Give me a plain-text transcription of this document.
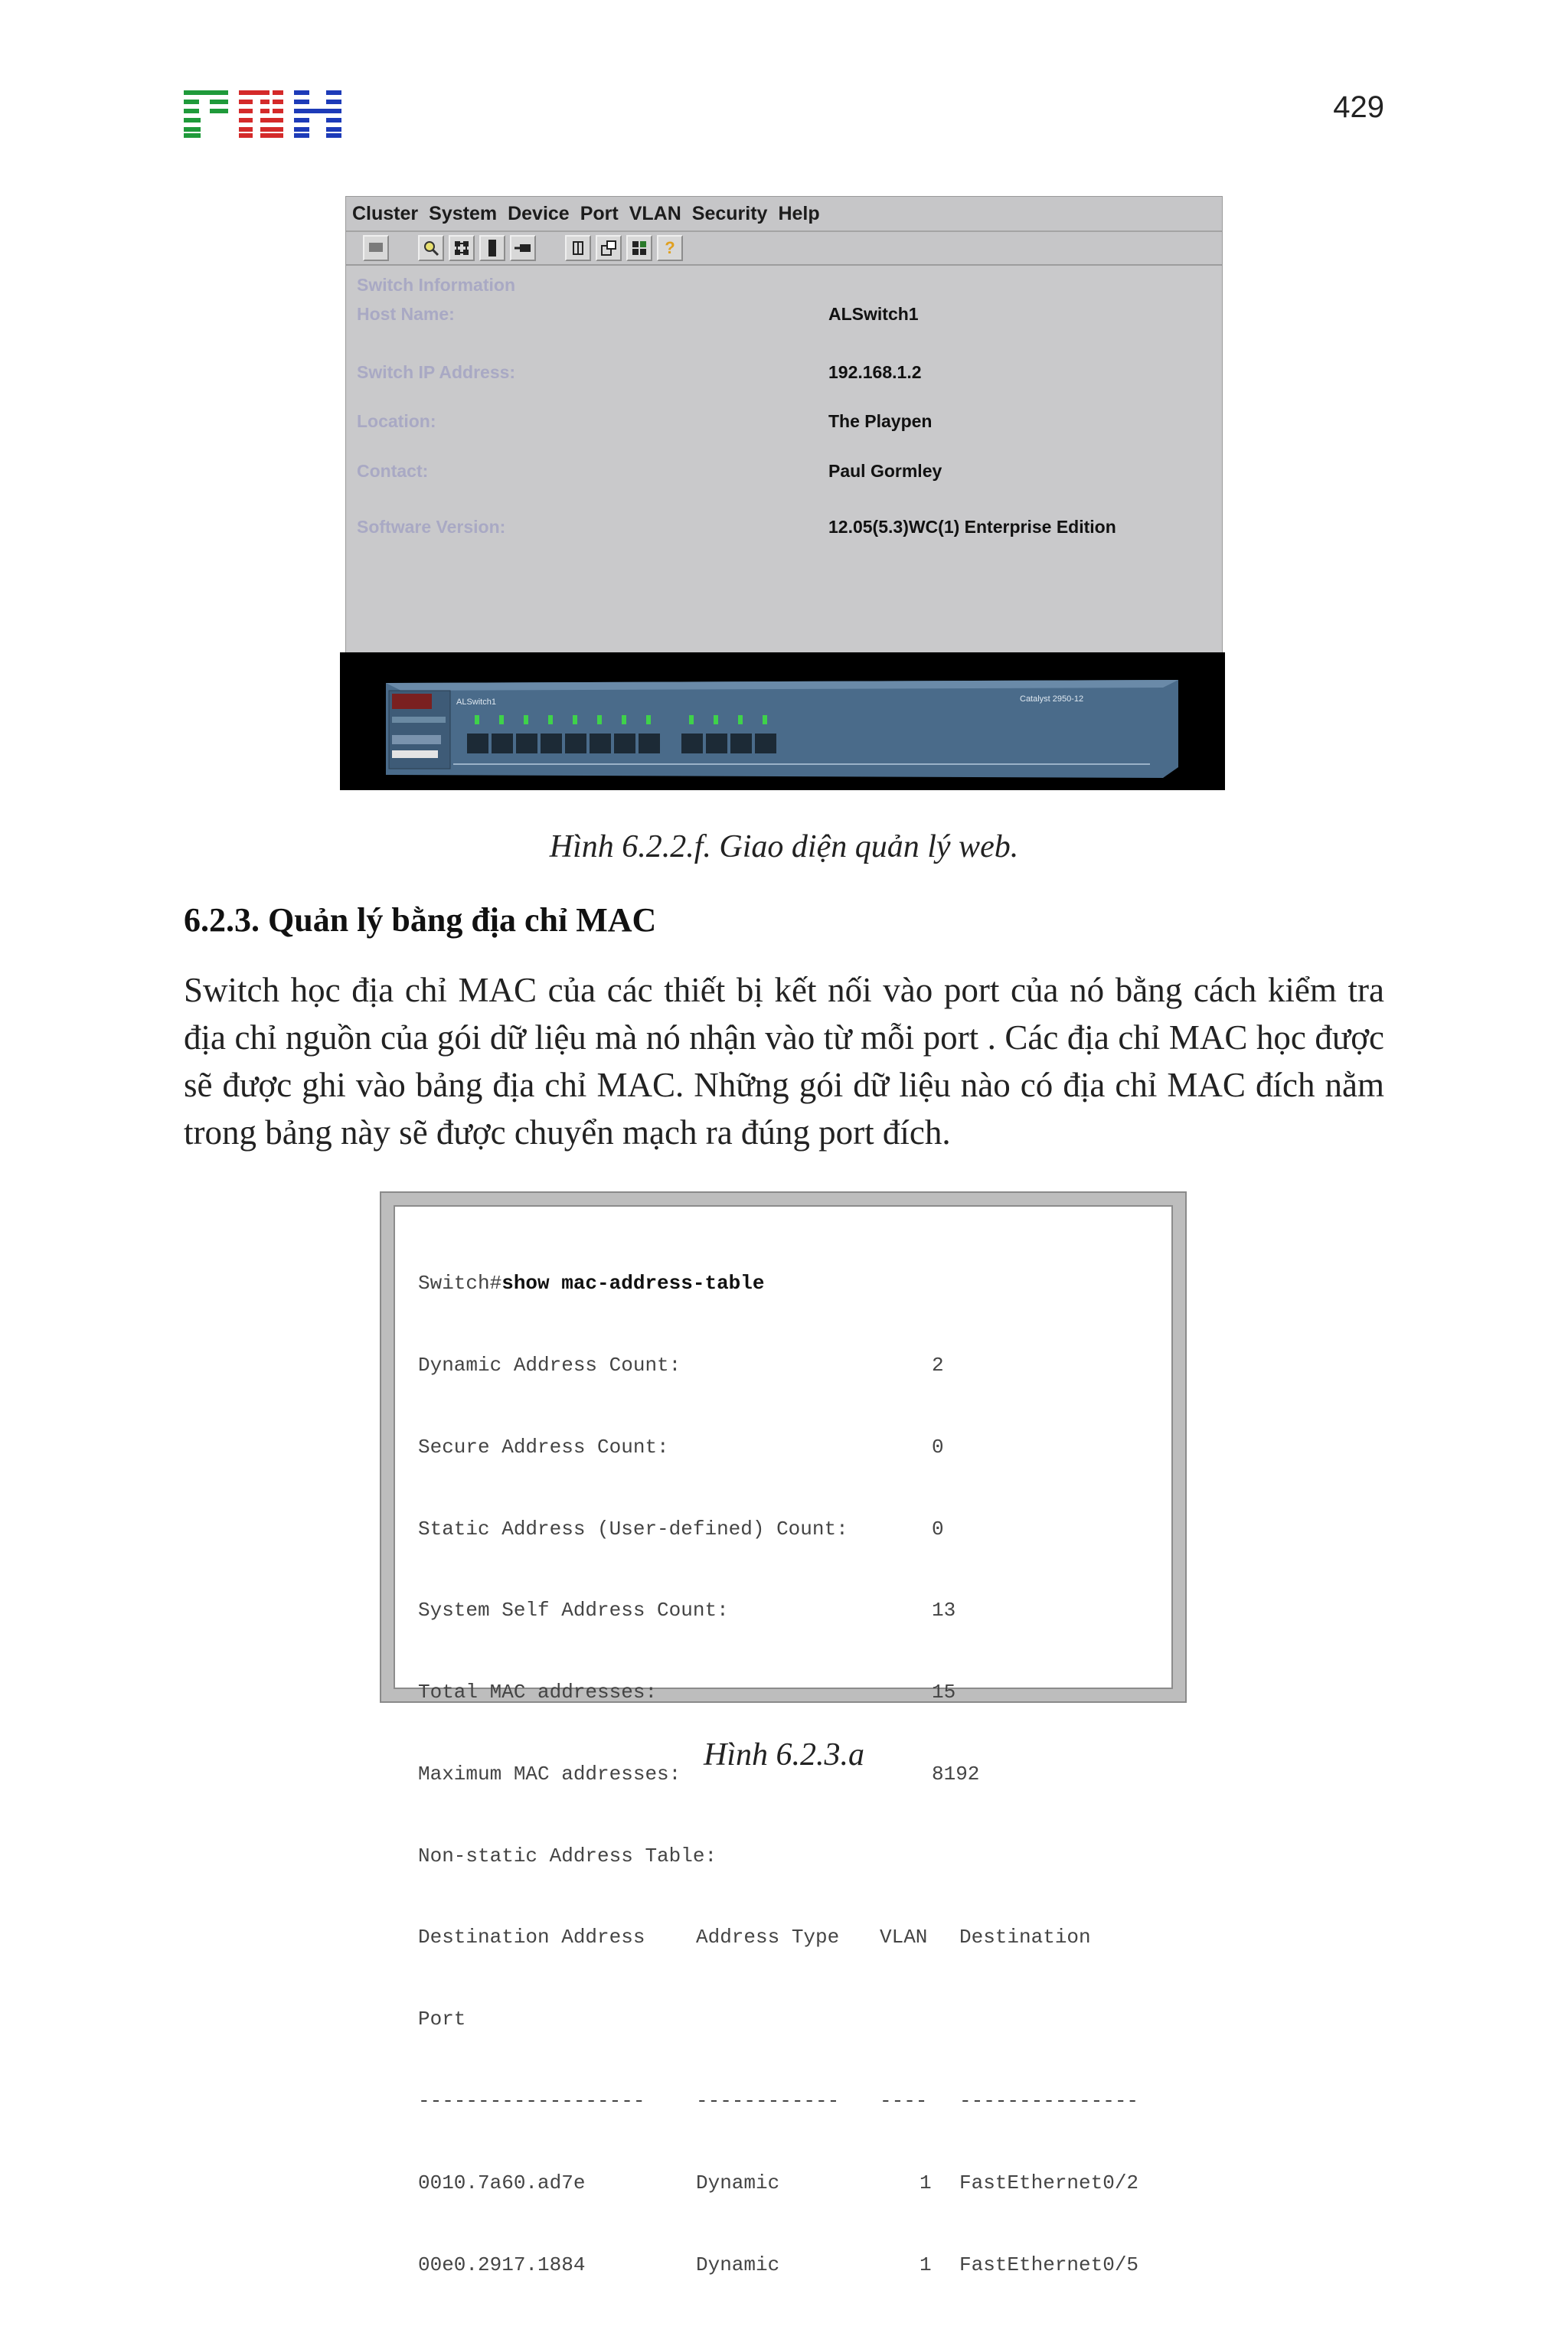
429
Cluster System Device Port VLAN Security Help
?
Switch Information
Host Name:	ALSwitch1
Switch IP Address:	192.168.1.2
Location:	The Playpen
Contact:	Paul Gormley
Software Version:	12.05(5.3)WC(1) Enterprise Edition
ALSwitch1	Catalyst 2950-12
Hình 6.2.2.f. Giao diện quản lý web.
6.2.3. Quản lý bằng địa chỉ MAC
Switch học địa chỉ MAC của các thiết bị kết nối vào port của nó bằng cách kiểm tra địa chỉ nguồn của gói dữ liệu mà nó nhận vào từ mỗi port . Các địa chỉ MAC học được sẽ được ghi vào bảng địa chỉ MAC. Những gói dữ liệu nào có địa chỉ MAC đích nằm trong bảng này sẽ được chuyển mạch ra đúng port đích.

Switch#show mac-address-table

Dynamic Address Count:	2

Secure Address Count:	0

Static Address (User-defined) Count:	0

System Self Address Count:	13

Total MAC addresses:	15

Maximum MAC addresses:	8192

Non-static Address Table:

Destination Address	Address Type VLAN Destination

Port

-------------------	------------ ---- ---------------

0010.7a60.ad7e	Dynamic	1 FastEthernet0/2

00e0.2917.1884	Dynamic	1 FastEthernet0/5

Hình 6.2.3.a
